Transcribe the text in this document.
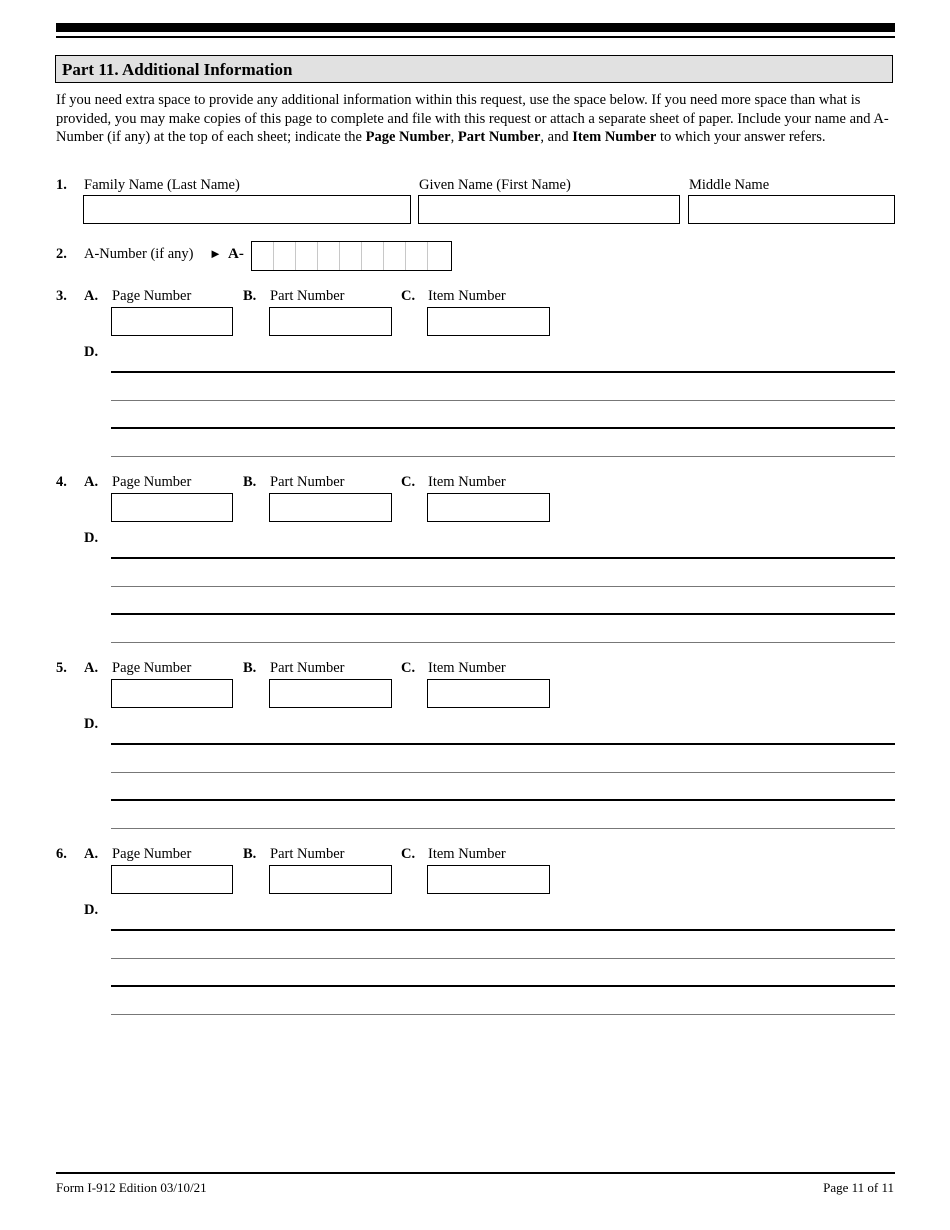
Part 11. Additional Information
If you need extra space to provide any additional information within this request, use the space below. If you need more space than what is provided, you may make copies of this page to complete and file with this request or attach a separate sheet of paper. Include your name and A-Number (if any) at the top of each sheet; indicate the Page Number, Part Number, and Item Number to which your answer refers.
1. Family Name (Last Name)	Given Name (First Name)	Middle Name
2. A-Number (if any) ► A-
3. A. Page Number	B. Part Number	C. Item Number
D.
4. A. Page Number	B. Part Number	C. Item Number
D.
5. A. Page Number	B. Part Number	C. Item Number
D.
6. A. Page Number	B. Part Number	C. Item Number
D.
Form I-912 Edition 03/10/21	Page 11 of 11
